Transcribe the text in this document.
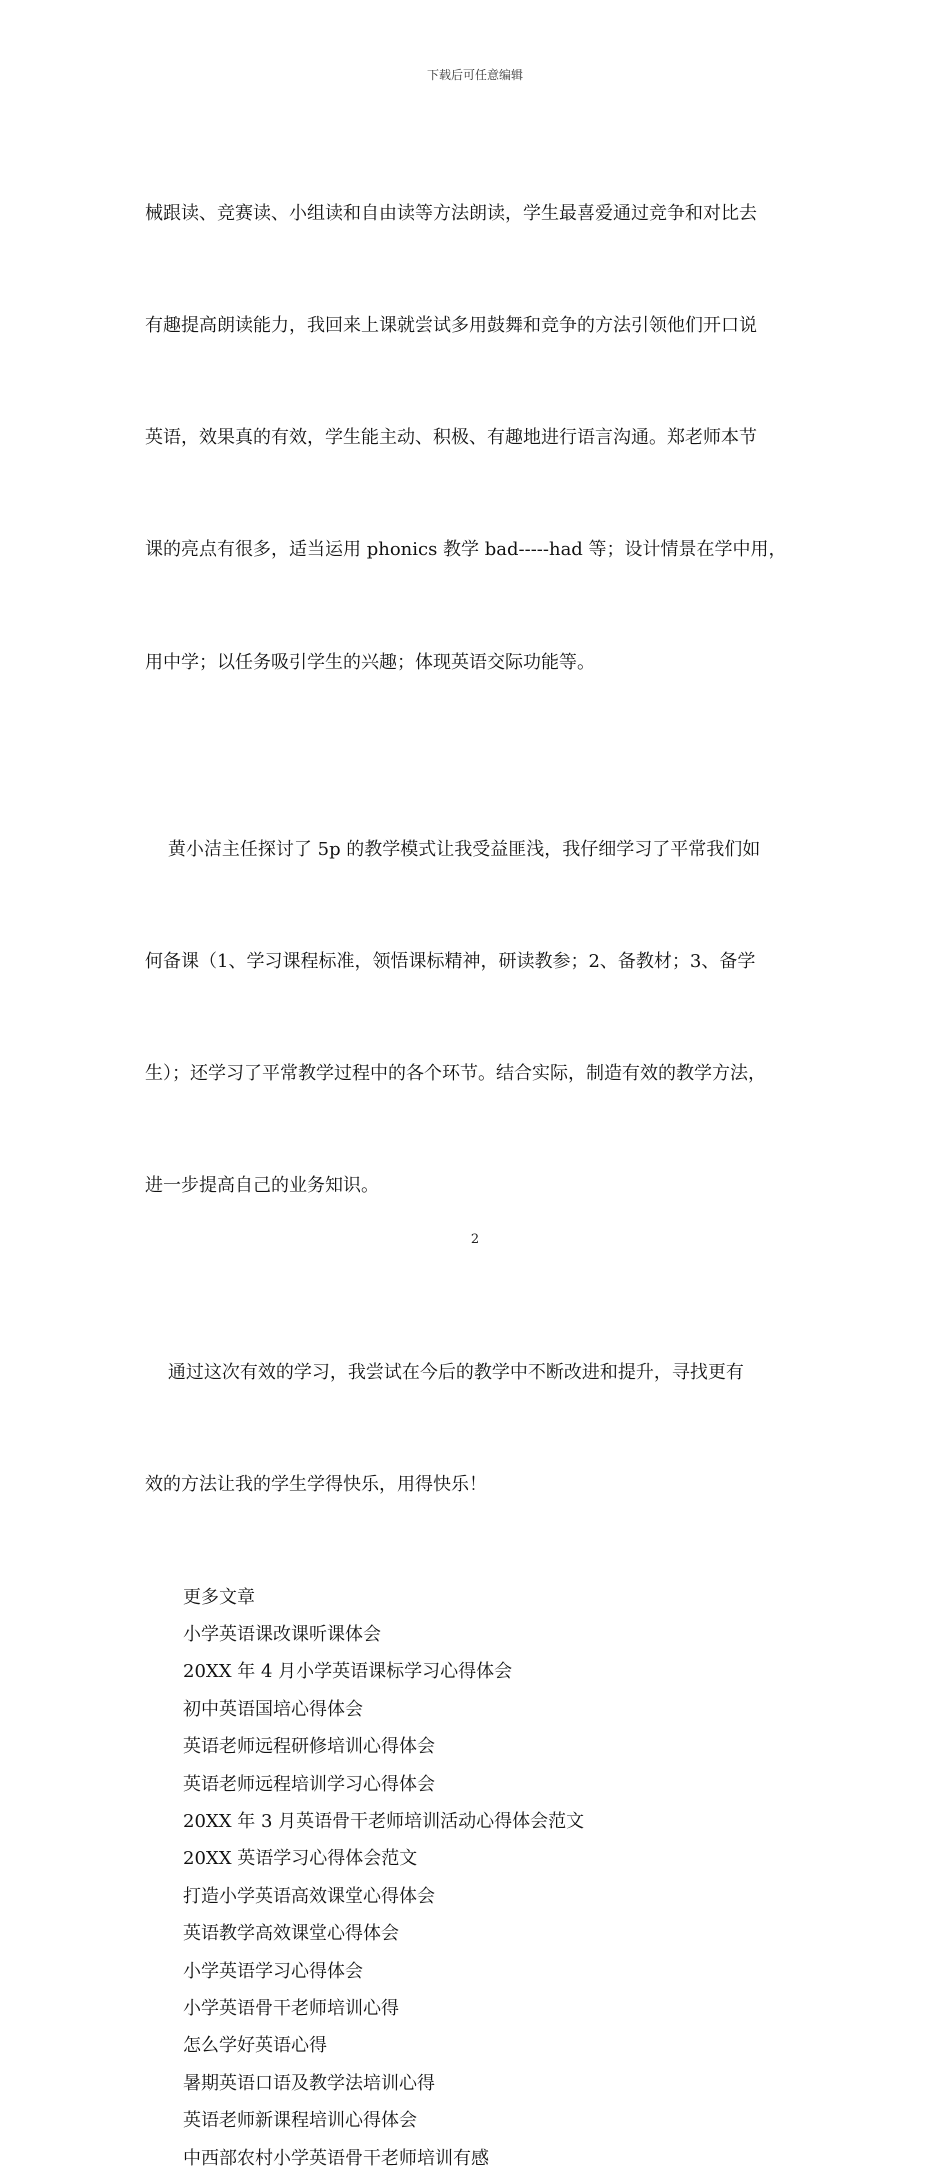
下载后可任意编辑

械跟读、竞赛读、小组读和自由读等方法朗读，学生最喜爱通过竞争和对比去

有趣提高朗读能力，我回来上课就尝试多用鼓舞和竞争的方法引领他们开口说

英语，效果真的有效，学生能主动、积极、有趣地进行语言沟通。郑老师本节

课的亮点有很多，适当运用 phonics 教学 bad-----had 等；设计情景在学中用，

用中学；以任务吸引学生的兴趣；体现英语交际功能等。

黄小洁主任探讨了 5p 的教学模式让我受益匪浅，我仔细学习了平常我们如

何备课（1、学习课程标准，领悟课标精神，研读教参；2、备教材；3、备学

生）；还学习了平常教学过程中的各个环节。结合实际，制造有效的教学方法，

进一步提高自己的业务知识。

通过这次有效的学习，我尝试在今后的教学中不断改进和提升，寻找更有

效的方法让我的学生学得快乐，用得快乐！

更多文章
小学英语课改课听课体会
20XX 年 4 月小学英语课标学习心得体会
初中英语国培心得体会
英语老师远程研修培训心得体会
英语老师远程培训学习心得体会
20XX 年 3 月英语骨干老师培训活动心得体会范文
20XX 英语学习心得体会范文
打造小学英语高效课堂心得体会
英语教学高效课堂心得体会
小学英语学习心得体会
小学英语骨干老师培训心得
怎么学好英语心得
暑期英语口语及教学法培训心得
英语老师新课程培训心得体会
中西部农村小学英语骨干老师培训有感
2
